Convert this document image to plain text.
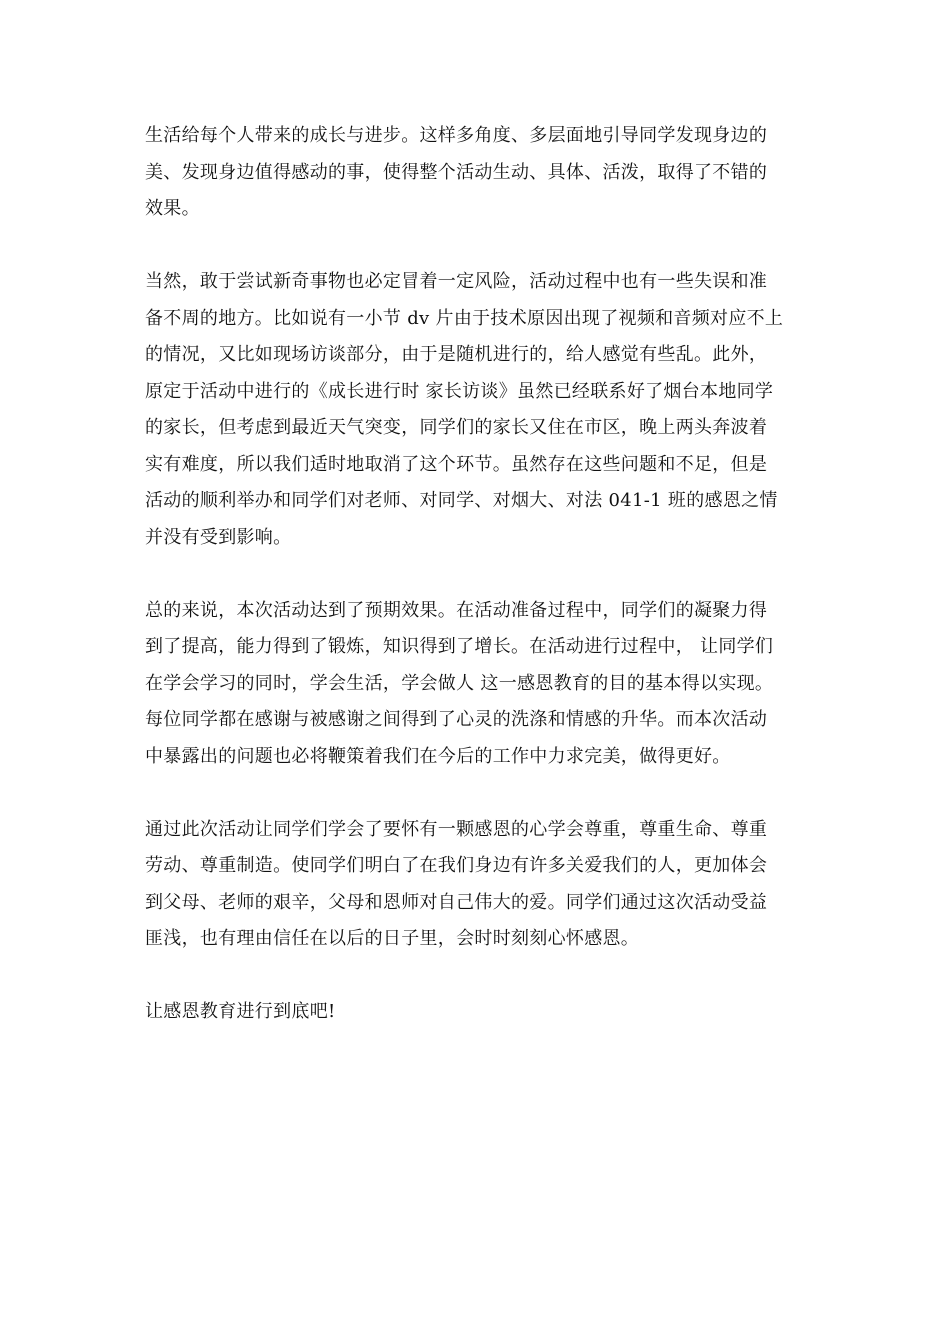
生活给每个人带来的成长与进步。这样多角度、多层面地引导同学发现身边的
美、发现身边值得感动的事，使得整个活动生动、具体、活泼，取得了不错的
效果。
当然，敢于尝试新奇事物也必定冒着一定风险，活动过程中也有一些失误和准
备不周的地方。比如说有一小节 dv 片由于技术原因出现了视频和音频对应不上
的情况，又比如现场访谈部分，由于是随机进行的，给人感觉有些乱。此外，
原定于活动中进行的《成长进行时 家长访谈》虽然已经联系好了烟台本地同学
的家长，但考虑到最近天气突变，同学们的家长又住在市区，晚上两头奔波着
实有难度，所以我们适时地取消了这个环节。虽然存在这些问题和不足，但是
活动的顺利举办和同学们对老师、对同学、对烟大、对法 041-1 班的感恩之情
并没有受到影响。
总的来说，本次活动达到了预期效果。在活动准备过程中，同学们的凝聚力得
到了提高，能力得到了锻炼，知识得到了增长。在活动进行过程中， 让同学们
在学会学习的同时，学会生活，学会做人 这一感恩教育的目的基本得以实现。
每位同学都在感谢与被感谢之间得到了心灵的洗涤和情感的升华。而本次活动
中暴露出的问题也必将鞭策着我们在今后的工作中力求完美，做得更好。
通过此次活动让同学们学会了要怀有一颗感恩的心学会尊重，尊重生命、尊重
劳动、尊重制造。使同学们明白了在我们身边有许多关爱我们的人，更加体会
到父母、老师的艰辛，父母和恩师对自己伟大的爱。同学们通过这次活动受益
匪浅，也有理由信任在以后的日子里，会时时刻刻心怀感恩。
让感恩教育进行到底吧!
